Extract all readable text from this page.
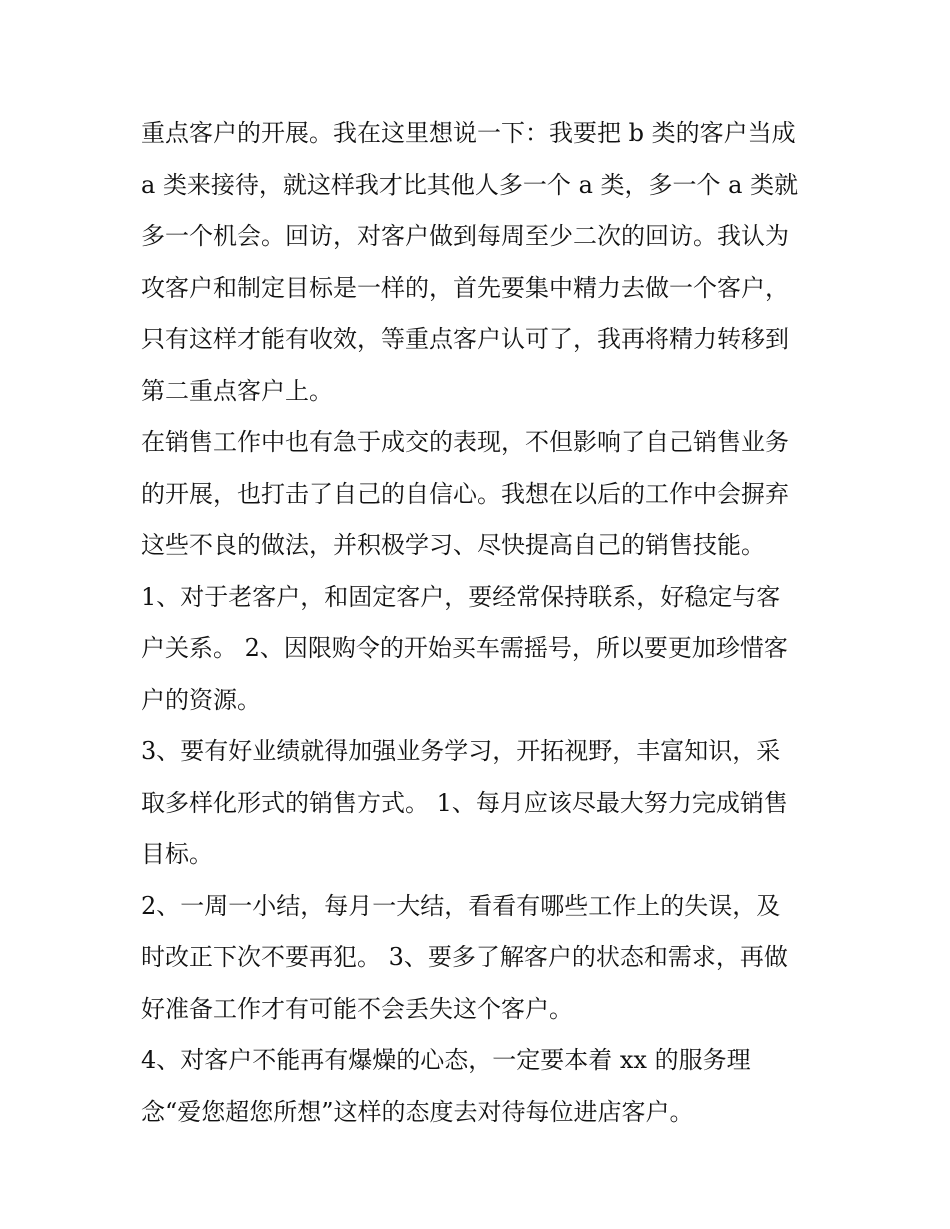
重点客户的开展。我在这里想说一下：我要把 b 类的客户当成
a 类来接待，就这样我才比其他人多一个 a 类，多一个 a 类就
多一个机会。回访，对客户做到每周至少二次的回访。我认为
攻客户和制定目标是一样的，首先要集中精力去做一个客户，
只有这样才能有收效，等重点客户认可了，我再将精力转移到
第二重点客户上。
在销售工作中也有急于成交的表现，不但影响了自己销售业务
的开展，也打击了自己的自信心。我想在以后的工作中会摒弃
这些不良的做法，并积极学习、尽快提高自己的销售技能。
1、对于老客户，和固定客户，要经常保持联系，好稳定与客
户关系。 2、因限购令的开始买车需摇号，所以要更加珍惜客
户的资源。
3、要有好业绩就得加强业务学习，开拓视野，丰富知识，采
取多样化形式的销售方式。 1、每月应该尽最大努力完成销售
目标。
2、一周一小结，每月一大结，看看有哪些工作上的失误，及
时改正下次不要再犯。 3、要多了解客户的状态和需求，再做
好准备工作才有可能不会丢失这个客户。
4、对客户不能再有爆燥的心态，一定要本着 xx 的服务理
念“爱您超您所想”这样的态度去对待每位进店客户。
